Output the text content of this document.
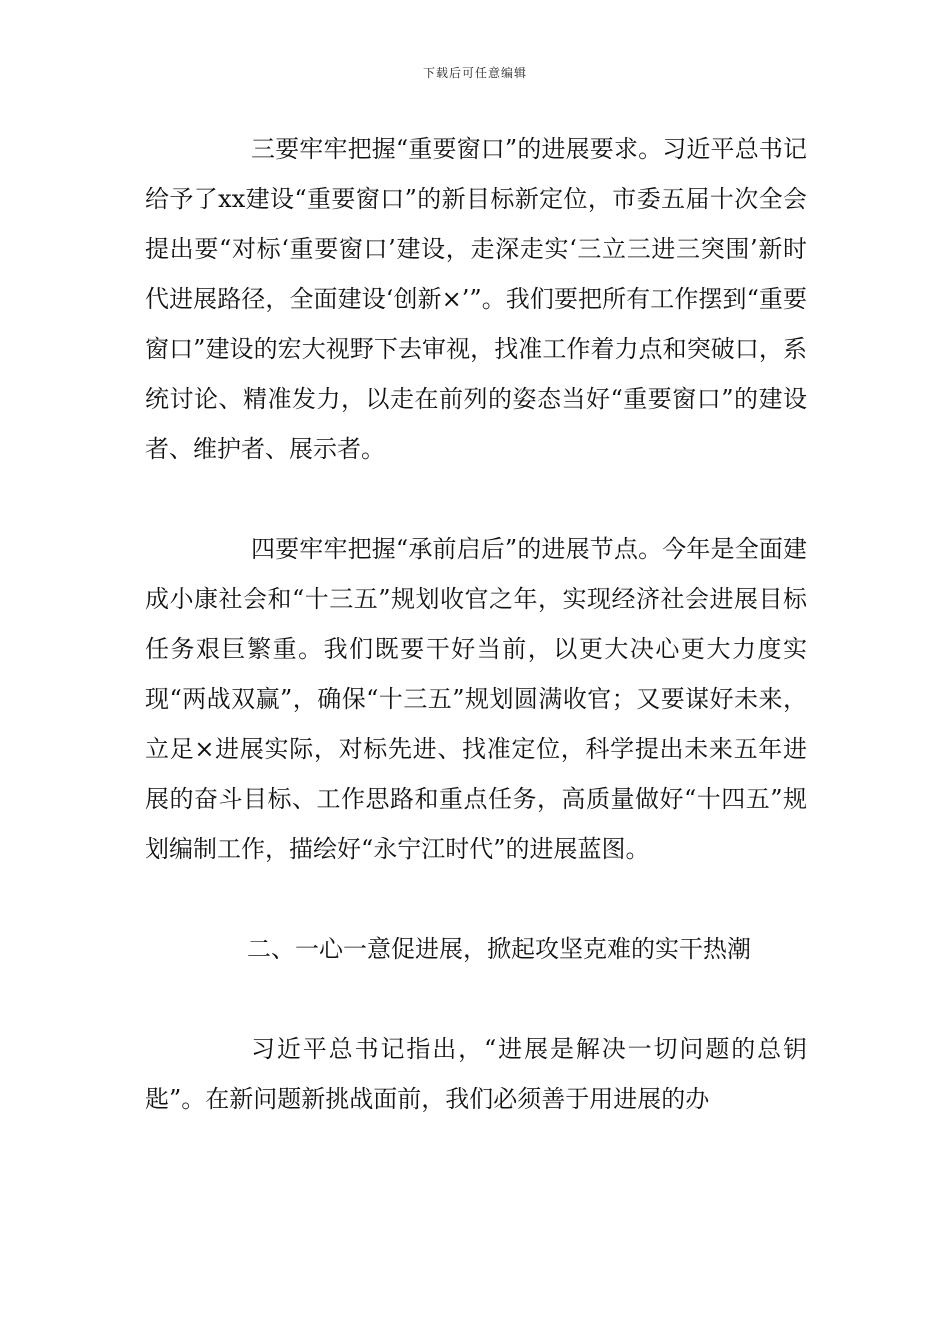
下载后可任意编辑

三要牢牢把握“重要窗口”的进展要求。习近平总书记给予了xx建设“重要窗口”的新目标新定位，市委五届十次全会提出要“对标‘重要窗口’建设，走深走实‘三立三进三突围’新时代进展路径，全面建设‘创新×’”。我们要把所有工作摆到“重要窗口”建设的宏大视野下去审视，找准工作着力点和突破口，系统讨论、精准发力，以走在前列的姿态当好“重要窗口”的建设者、维护者、展示者。

四要牢牢把握“承前启后”的进展节点。今年是全面建成小康社会和“十三五”规划收官之年，实现经济社会进展目标任务艰巨繁重。我们既要干好当前，以更大决心更大力度实现“两战双赢”，确保“十三五”规划圆满收官；又要谋好未来，立足×进展实际，对标先进、找准定位，科学提出未来五年进展的奋斗目标、工作思路和重点任务，高质量做好“十四五”规划编制工作，描绘好“永宁江时代”的进展蓝图。

二、一心一意促进展，掀起攻坚克难的实干热潮

习近平总书记指出，“进展是解决一切问题的总钥匙”。在新问题新挑战面前，我们必须善于用进展的办
